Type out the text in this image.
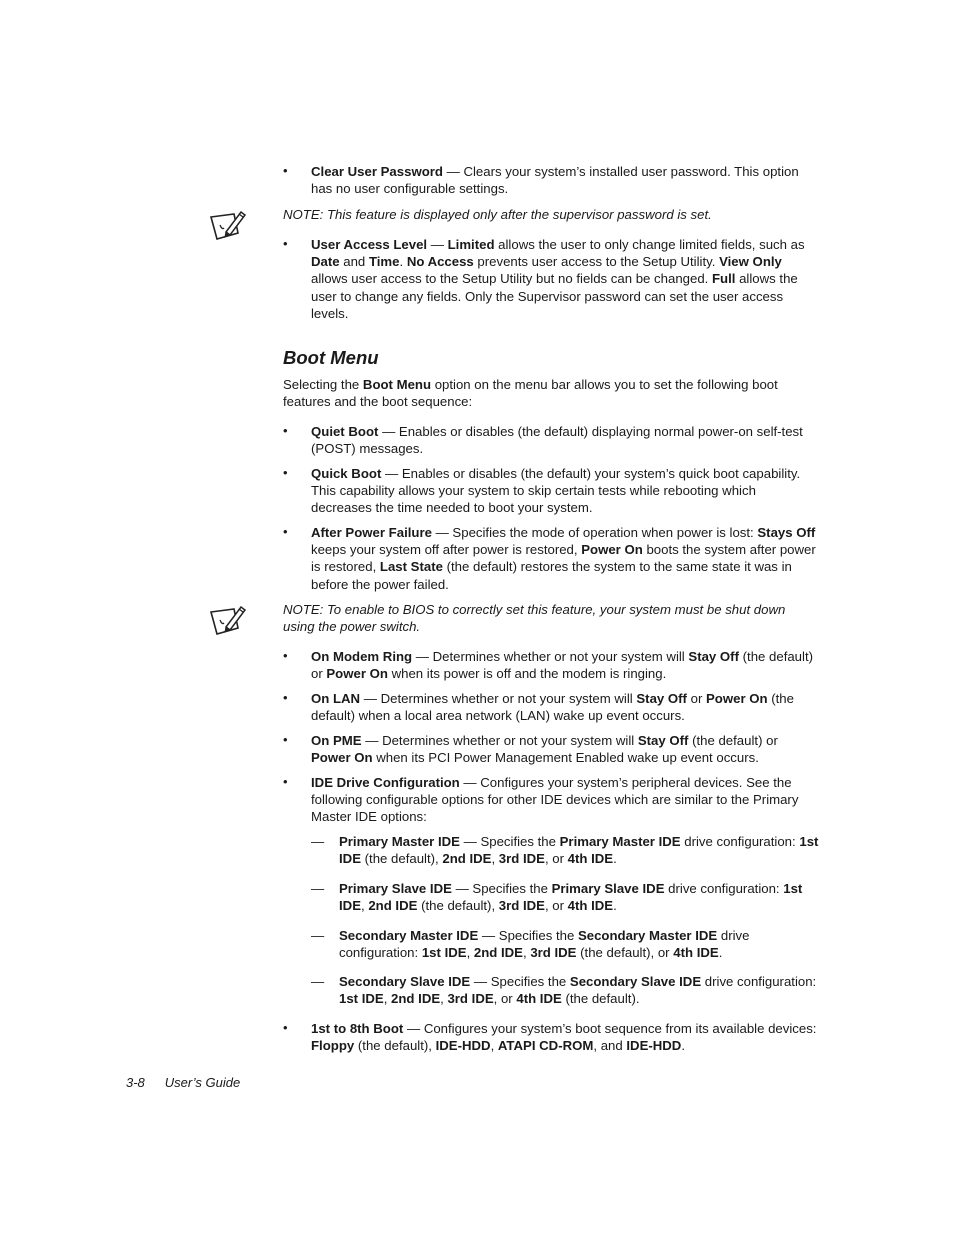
• Clear User Password — Clears your system’s installed user password. This option has no user configurable settings.
NOTE: This feature is displayed only after the supervisor password is set.
• User Access Level — Limited allows the user to only change limited fields, such as Date and Time. No Access prevents user access to the Setup Utility. View Only allows user access to the Setup Utility but no fields can be changed. Full allows the user to change any fields. Only the Supervisor password can set the user access levels.
Boot Menu
Selecting the Boot Menu option on the menu bar allows you to set the following boot features and the boot sequence:
• Quiet Boot — Enables or disables (the default) displaying normal power-on self-test (POST) messages.
• Quick Boot — Enables or disables (the default) your system’s quick boot capability. This capability allows your system to skip certain tests while rebooting which decreases the time needed to boot your system.
• After Power Failure — Specifies the mode of operation when power is lost: Stays Off keeps your system off after power is restored, Power On boots the system after power is restored, Last State (the default) restores the system to the same state it was in before the power failed.
NOTE: To enable to BIOS to correctly set this feature, your system must be shut down using the power switch.
• On Modem Ring — Determines whether or not your system will Stay Off (the default) or Power On when its power is off and the modem is ringing.
• On LAN — Determines whether or not your system will Stay Off or Power On (the default) when a local area network (LAN) wake up event occurs.
• On PME — Determines whether or not your system will Stay Off (the default) or Power On when its PCI Power Management Enabled wake up event occurs.
• IDE Drive Configuration — Configures your system’s peripheral devices. See the following configurable options for other IDE devices which are similar to the Primary Master IDE options:
— Primary Master IDE — Specifies the Primary Master IDE drive configuration: 1st IDE (the default), 2nd IDE, 3rd IDE, or 4th IDE.
— Primary Slave IDE — Specifies the Primary Slave IDE drive configuration: 1st IDE, 2nd IDE (the default), 3rd IDE, or 4th IDE.
— Secondary Master IDE — Specifies the Secondary Master IDE drive configuration: 1st IDE, 2nd IDE, 3rd IDE (the default), or 4th IDE.
— Secondary Slave IDE — Specifies the Secondary Slave IDE drive configuration: 1st IDE, 2nd IDE, 3rd IDE, or 4th IDE (the default).
• 1st to 8th Boot — Configures your system’s boot sequence from its available devices: Floppy (the default), IDE-HDD, ATAPI CD-ROM, and IDE-HDD.
3-8 User’s Guide
